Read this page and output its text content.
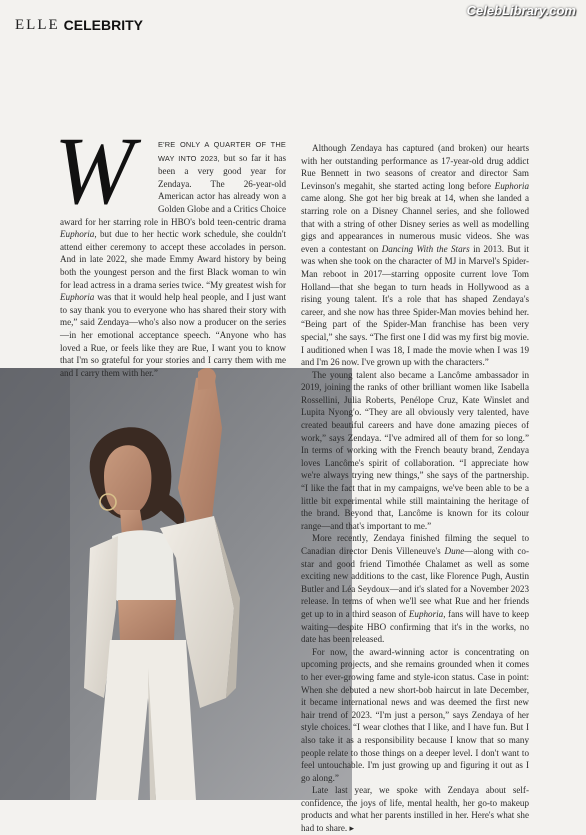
ELLE CELEBRITY
CelebLibrary.com

W	E'RE ONLY A QUARTER OF THE WAY INTO 2023, but so far it has been a very good year for Zendaya. The 26-year-old American actor has already won a Golden Globe and a Critics Choice award for her starring role in HBO's bold teen-centric drama Euphoria, but due to her hectic work schedule, she couldn't attend either ceremony to accept these accolades in person. And in late 2022, she made Emmy Award history by being both the youngest person and the first Black woman to win for lead actress in a drama series twice. “My greatest wish for Euphoria was that it would help heal people, and I just want to say thank you to everyone who has shared their story with me,” said Zendaya—who's also now a producer on the series—in her emotional acceptance speech. “Anyone who has loved a Rue, or feels like they are Rue, I want you to know that I'm so grateful for your stories and I carry them with me and I carry them with her.”

Although Zendaya has captured (and broken) our hearts with her outstanding performance as 17-year-old drug addict Rue Bennett in two seasons of creator and director Sam Levinson's megahit, she started acting long before Euphoria came along. She got her big break at 14, when she landed a starring role on a Disney Channel series, and she followed that with a string of other Disney series as well as modelling gigs and appearances in numerous music videos. She was even a contestant on Dancing With the Stars in 2013. But it was when she took on the character of MJ in Marvel's Spider-Man reboot in 2017—starring opposite current love Tom Holland—that she began to turn heads in Hollywood as a rising young talent. It's a role that has shaped Zendaya's career, and she now has three Spider-Man movies behind her. “Being part of the Spider-Man franchise has been very special,” she says. “The first one I did was my first big movie. I auditioned when I was 18, I made the movie when I was 19 and I'm 26 now. I've grown up with the characters.”

The young talent also became a Lancôme ambassador in 2019, joining the ranks of other brilliant women like Isabella Rossellini, Julia Roberts, Penélope Cruz, Kate Winslet and Lupita Nyong'o. “They are all obviously very talented, have created beautiful careers and have done amazing pieces of work,” says Zendaya. “I've admired all of them for so long.” In terms of working with the French beauty brand, Zendaya loves Lancôme's spirit of collaboration. “I appreciate how we're always trying new things,” she says of the partnership. “I like the fact that in my campaigns, we've been able to be a little bit experimental while still maintaining the heritage of the brand. Beyond that, Lancôme is known for its colour range—and that's important to me.”

More recently, Zendaya finished filming the sequel to Canadian director Denis Villeneuve's Dune—along with co-star and good friend Timothée Chalamet as well as some exciting new additions to the cast, like Florence Pugh, Austin Butler and Léa Seydoux—and it's slated for a November 2023 release. In terms of when we'll see what Rue and her friends get up to in a third season of Euphoria, fans will have to keep waiting—despite HBO confirming that it's in the works, no date has been released.

For now, the award-winning actor is concentrating on upcoming projects, and she remains grounded when it comes to her ever-growing fame and style-icon status. Case in point: When she debuted a new short-bob haircut in late December, it became international news and was deemed the first new hair trend of 2023. “I'm just a person,” says Zendaya of her style choices. “I wear clothes that I like, and I have fun. But I also take it as a responsibility because I know that so many people relate to those things on a deeper level. I don't want to feel untouchable. I'm just growing up and figuring it out as I go along.”

Late last year, we spoke with Zendaya about self-confidence, the joys of life, mental health, her go-to makeup products and what her parents instilled in her. Here's what she had to share. ▸
